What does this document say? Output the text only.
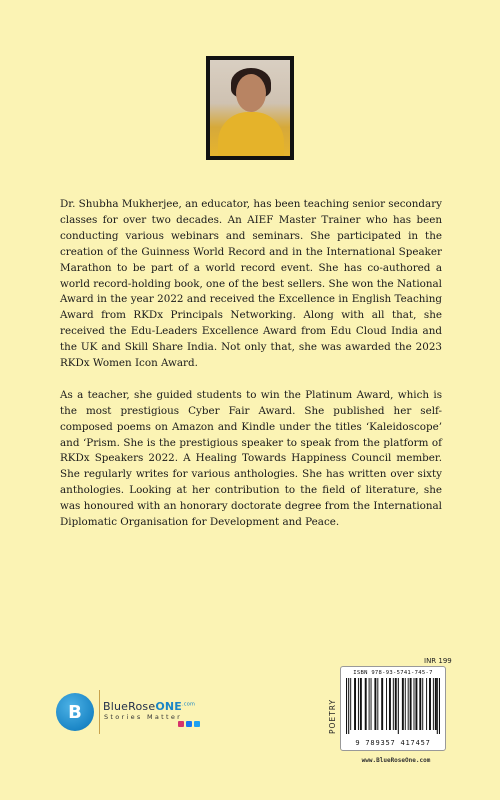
Dr. Shubha Mukherjee, an educator, has been teaching senior secondary classes for over two decades. An AIEF Master Trainer who has been conducting various webinars and seminars. She participated in the creation of the Guinness World Record and in the International Speaker Marathon to be part of a world record event. She has co-authored a world record-holding book, one of the best sellers. She won the National Award in the year 2022 and received the Excellence in English Teaching Award from RKDx Principals Networking. Along with all that, she received the Edu-Leaders Excellence Award from Edu Cloud India and the UK and Skill Share India. Not only that, she was awarded the 2023 RKDx Women Icon Award.

As a teacher, she guided students to win the Platinum Award, which is the most prestigious Cyber Fair Award. She published her self-composed poems on Amazon and Kindle under the titles ‘Kaleidoscope’ and ‘Prism. She is the prestigious speaker to speak from the platform of RKDx Speakers 2022. A Healing Towards Happiness Council member. She regularly writes for various anthologies. She has written over sixty anthologies. Looking at her contribution to the field of literature, she was honoured with an honorary doctorate degree from the International Diplomatic Organisation for Development and Peace.

B BlueRoseONE$^{.com}$
Stories Matter
INR 199
POETRY
ISBN 978-93-5741-745-7
9 789357 417457
www.BlueRoseOne.com
